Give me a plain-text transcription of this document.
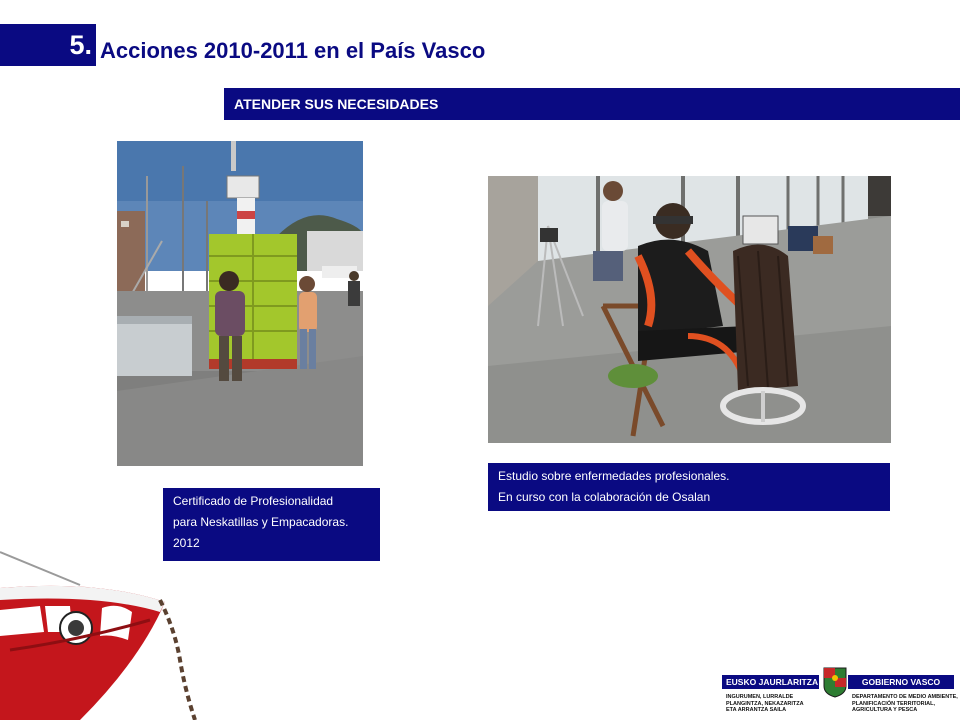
5. Acciones 2010-2011 en el País Vasco
ATENDER SUS NECESIDADES
Certificado de Profesionalidad
para Neskatillas y Empacadoras.
2012
Estudio sobre enfermedades profesionales.
En curso con la colaboración de Osalan
EUSKO JAURLARITZA	GOBIERNO VASCO
INGURUMEN, LURRALDE
PLANGINTZA, NEKAZARITZA
ETA ARRANTZA SAILA
DEPARTAMENTO DE MEDIO AMBIENTE,
PLANIFICACIÓN TERRITORIAL,
AGRICULTURA Y PESCA
